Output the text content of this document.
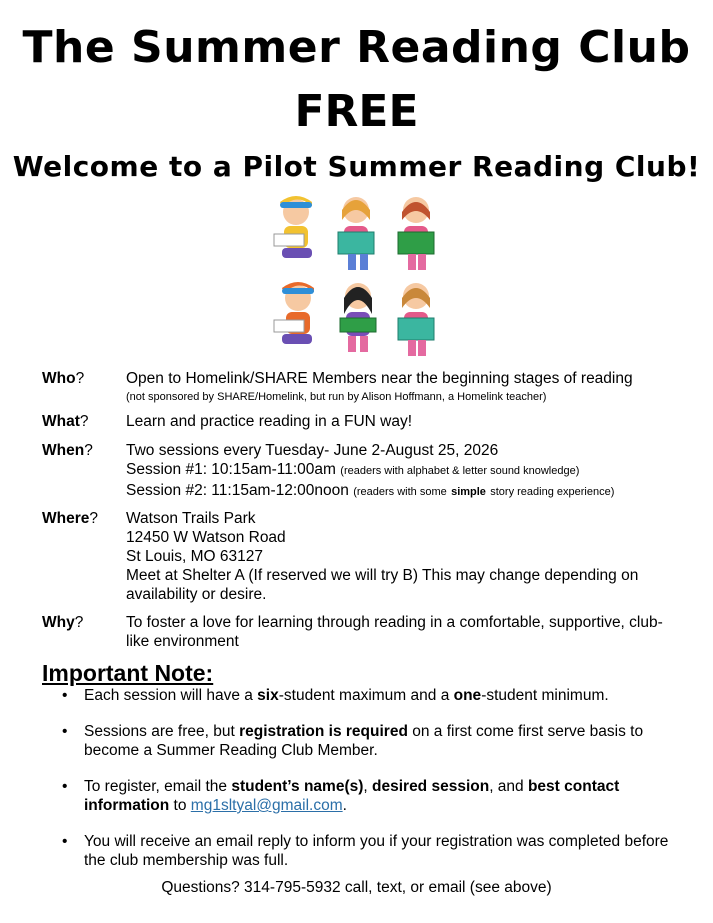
The Summer Reading Club
FREE
Welcome to a Pilot Summer Reading Club!
Who?	Open to Homelink/SHARE Members near the beginning stages of reading
(not sponsored by SHARE/Homelink, but run by Alison Hoffmann, a Homelink teacher)
What?	Learn and practice reading in a FUN way!
When?	Two sessions every Tuesday- June 2-August 25, 2026
Session #1: 10:15am-11:00am (readers with alphabet & letter sound knowledge)
Session #2: 11:15am-12:00noon (readers with some simple story reading experience)
Where?	Watson Trails Park
12450 W Watson Road
St Louis, MO 63127
Meet at Shelter A (If reserved we will try B) This may change depending on availability or desire.
Why?	To foster a love for learning through reading in a comfortable, supportive, club-like environment
Important Note:
• Each session will have a six-student maximum and a one-student minimum.
• Sessions are free, but registration is required on a first come first serve basis to become a Summer Reading Club Member.
• To register, email the student’s name(s), desired session, and best contact information to mg1sltyal@gmail.com.
• You will receive an email reply to inform you if your registration was completed before the club membership was full.
Questions? 314-795-5932 call, text, or email (see above)
